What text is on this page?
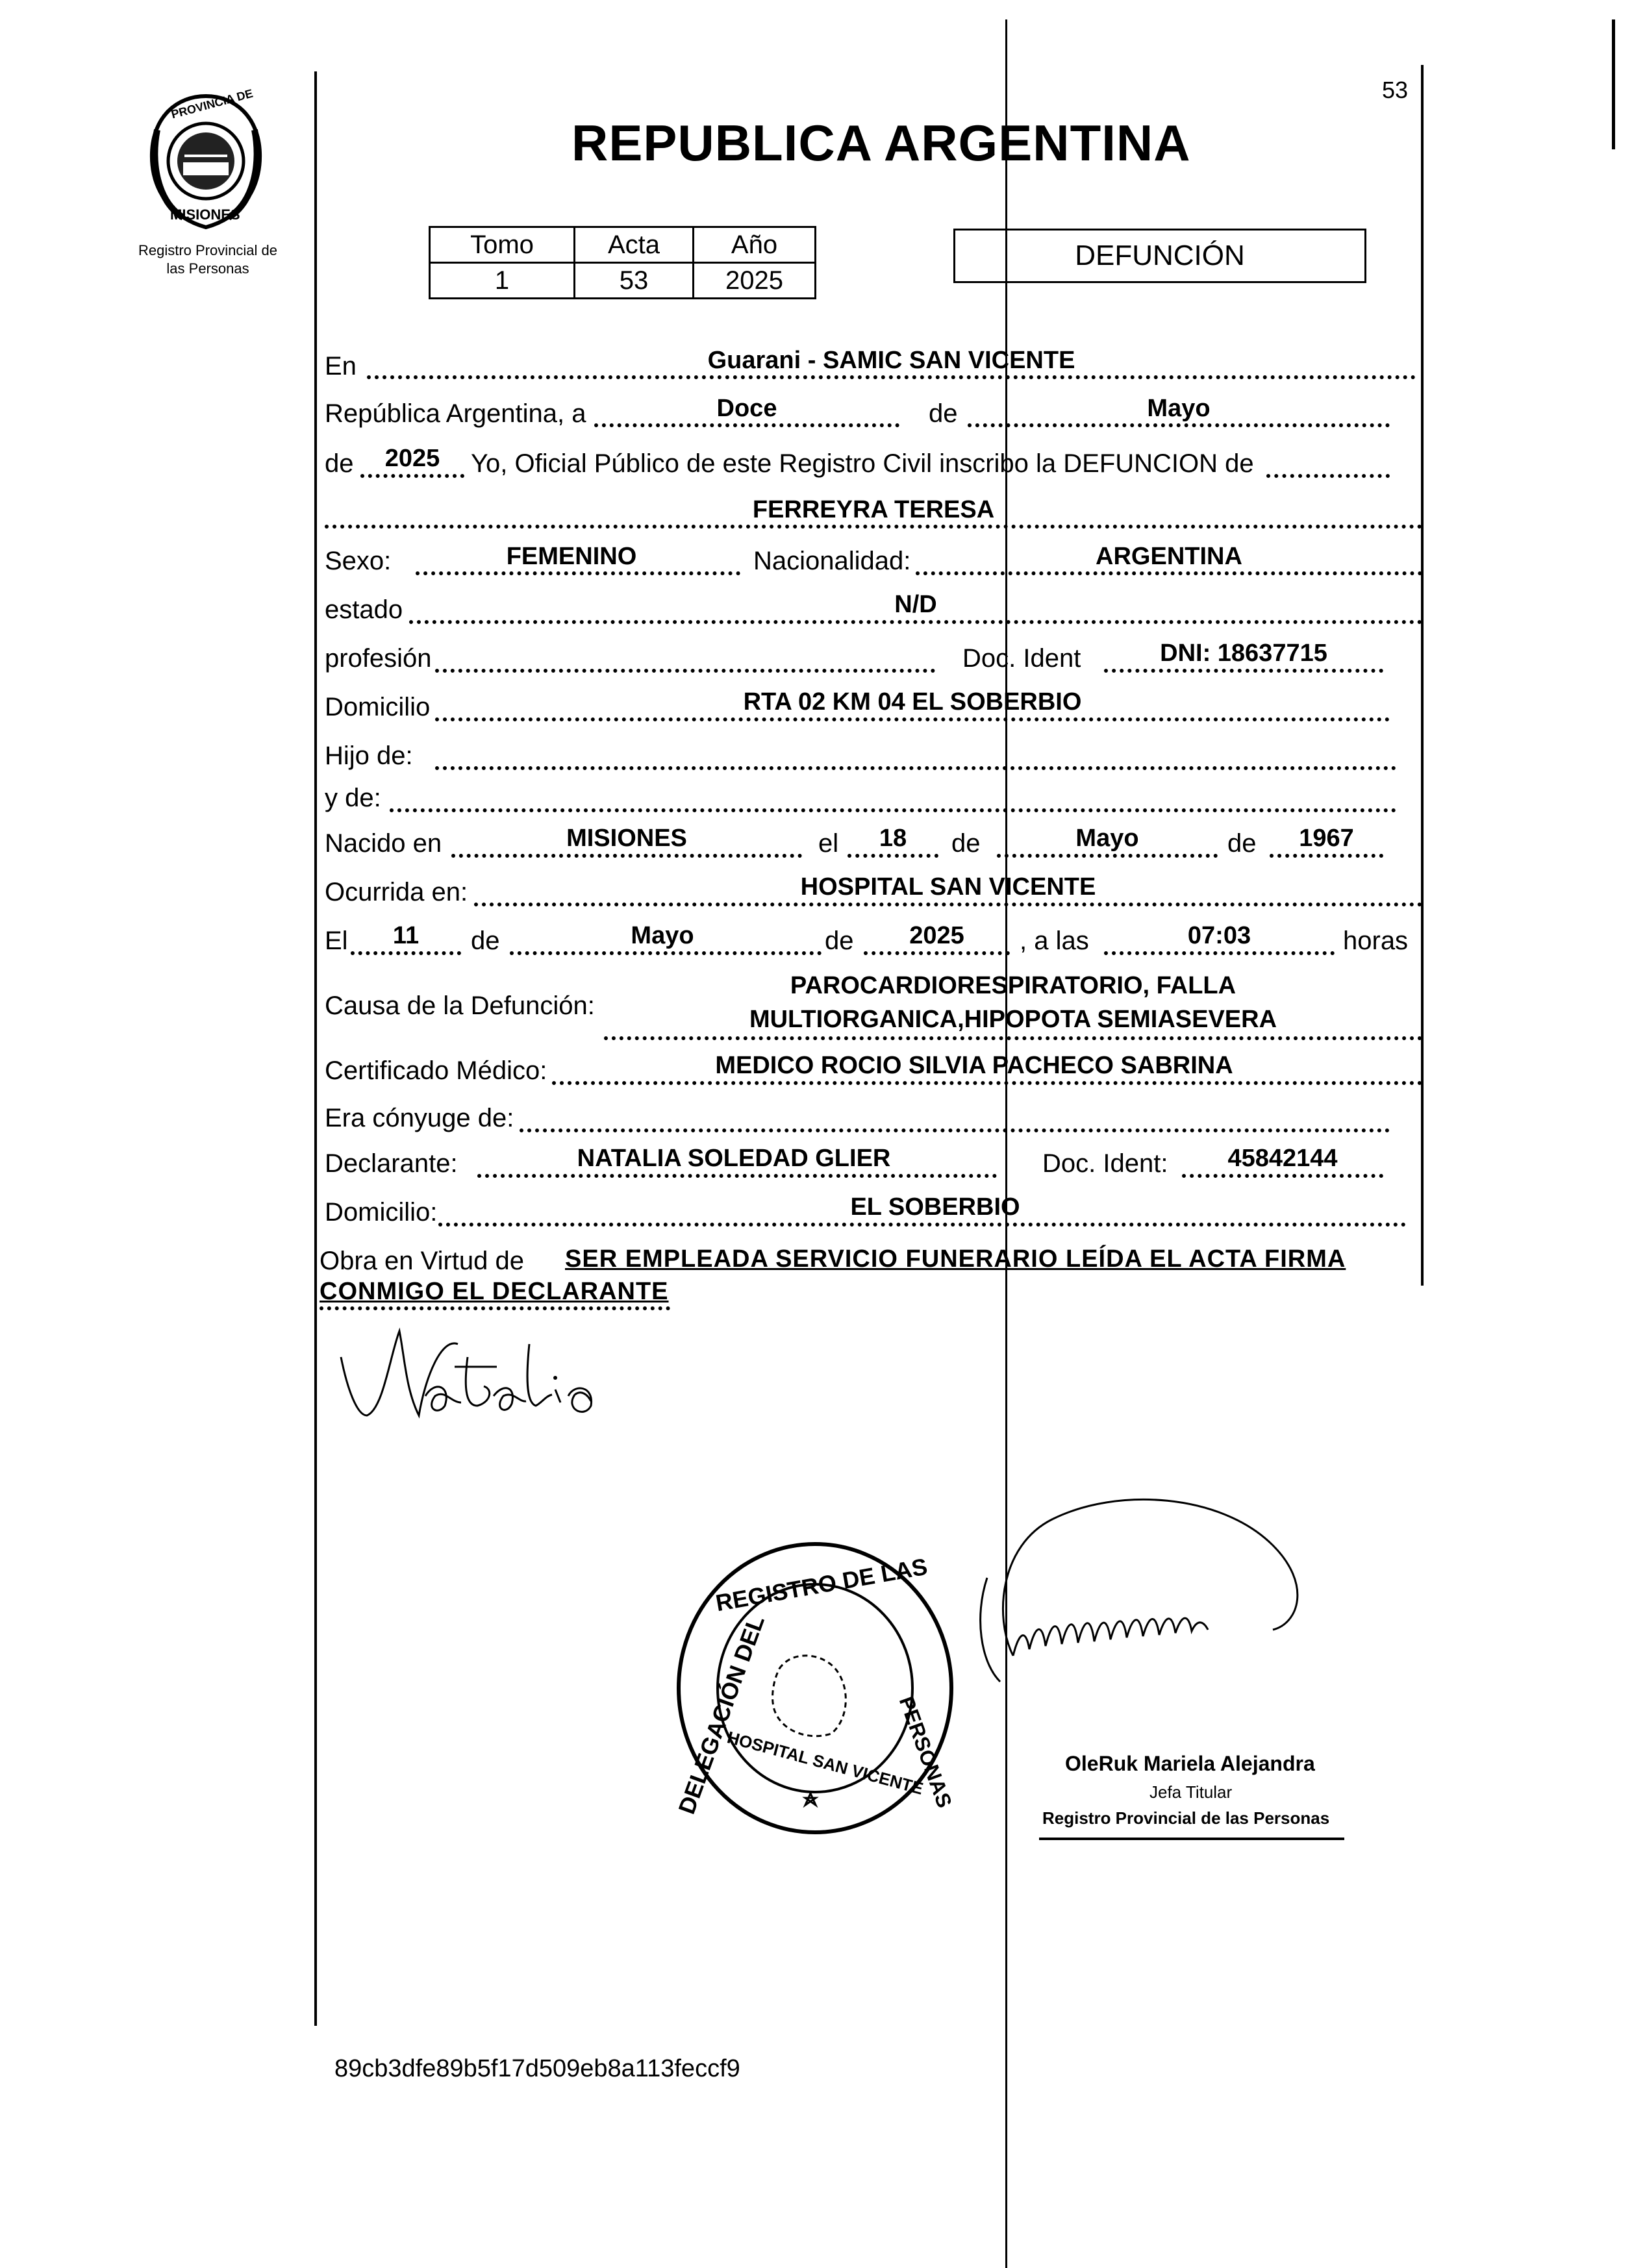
PROVINCIA DE
MISIONES
Registro Provincial de
las Personas
53
REPUBLICA ARGENTINA
Tomo	Acta	Año
1	53	2025
DEFUNCIÓN
En	Guarani - SAMIC SAN VICENTE
República Argentina, a	Doce	de	Mayo
de	2025	Yo, Oficial Público de este Registro Civil inscribo la DEFUNCION de
FERREYRA TERESA
Sexo:	FEMENINO	Nacionalidad:	ARGENTINA
estado	N/D
profesión	Doc. Ident	DNI: 18637715
Domicilio	RTA 02 KM 04 EL SOBERBIO
Hijo de:
y de:
Nacido en	MISIONES	el	18	de	Mayo	de	1967
Ocurrida en:	HOSPITAL SAN VICENTE
El	11	de	Mayo	de	2025	, a las	07:03	horas
Causa de la Defunción:
PAROCARDIORESPIRATORIO, FALLA
MULTIORGANICA,HIPOPOTA SEMIASEVERA
Certificado Médico:	MEDICO ROCIO SILVIA PACHECO SABRINA
Era cónyuge de:
Declarante:	NATALIA SOLEDAD GLIER	Doc. Ident:	45842144
Domicilio:	EL SOBERBIO
Obra en Virtud de SER EMPLEADA SERVICIO FUNERARIO LEÍDA EL ACTA FIRMA
CONMIGO EL DECLARANTE
REGISTRO DE LAS
DELEGACIÓN DEL	PERSONAS
HOSPITAL SAN VICENTE	OleRuk Mariela Alejandra
Jefa Titular
Registro Provincial de las Personas
89cb3dfe89b5f17d509eb8a113feccf9
